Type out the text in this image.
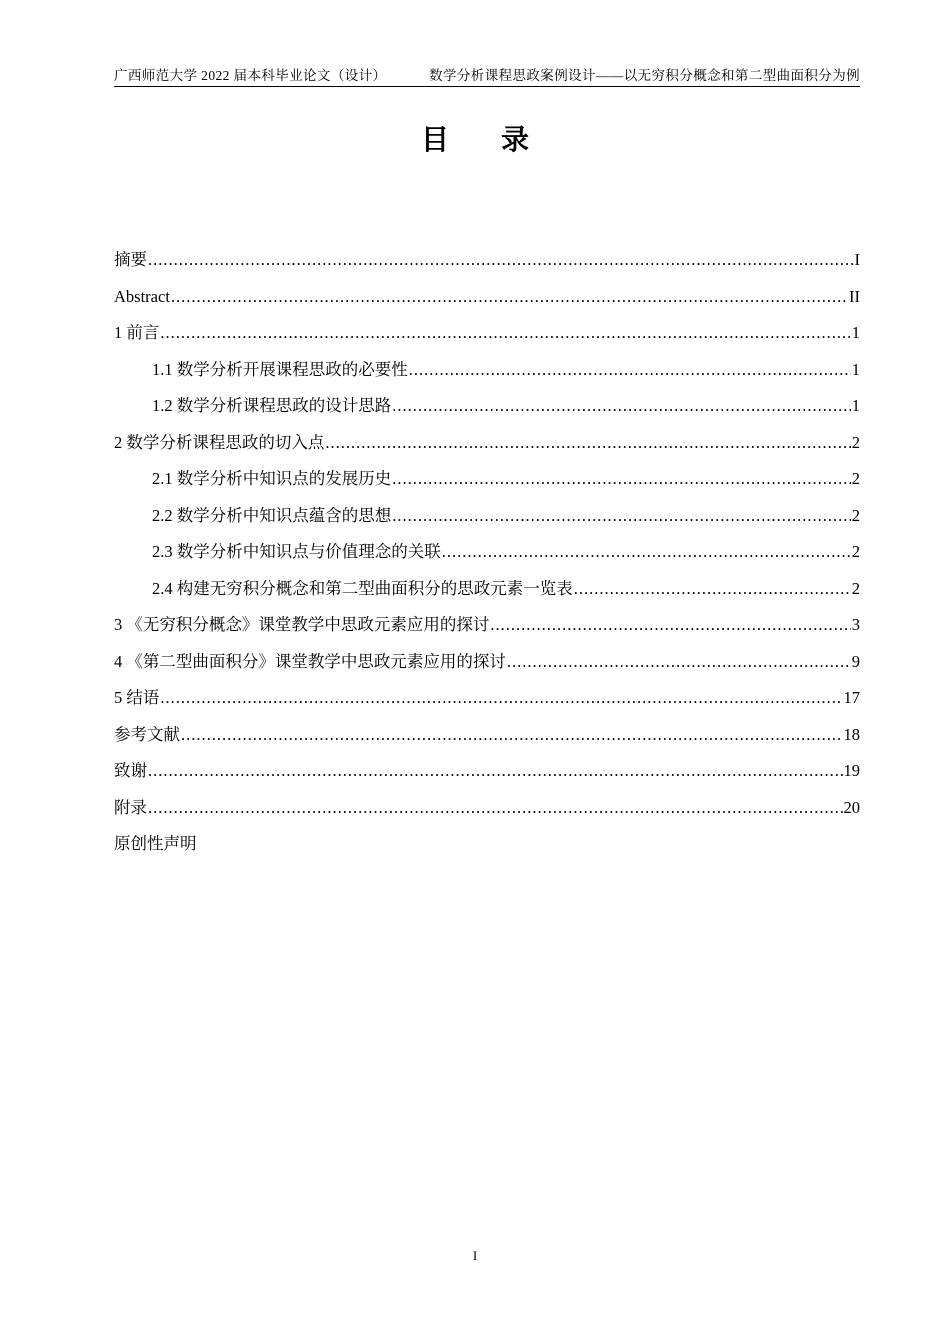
广西师范大学 2022 届本科毕业论文（设计）	数学分析课程思政案例设计——以无穷积分概念和第二型曲面积分为例
目录
摘要 .....	I
Abstract .....	II
1 前言 .....	1
1.1 数学分析开展课程思政的必要性 .....	1
1.2 数学分析课程思政的设计思路 .....	1
2 数学分析课程思政的切入点 .....	2
2.1 数学分析中知识点的发展历史 .....	2
2.2 数学分析中知识点蕴含的思想 .....	2
2.3 数学分析中知识点与价值理念的关联 .....	2
2.4 构建无穷积分概念和第二型曲面积分的思政元素一览表 .....	2
3 《无穷积分概念》课堂教学中思政元素应用的探讨 .....	3
4 《第二型曲面积分》课堂教学中思政元素应用的探讨 .....	9
5 结语 .....	17
参考文献 .....	18
致谢 .....	19
附录 .....	20
原创性声明
I
